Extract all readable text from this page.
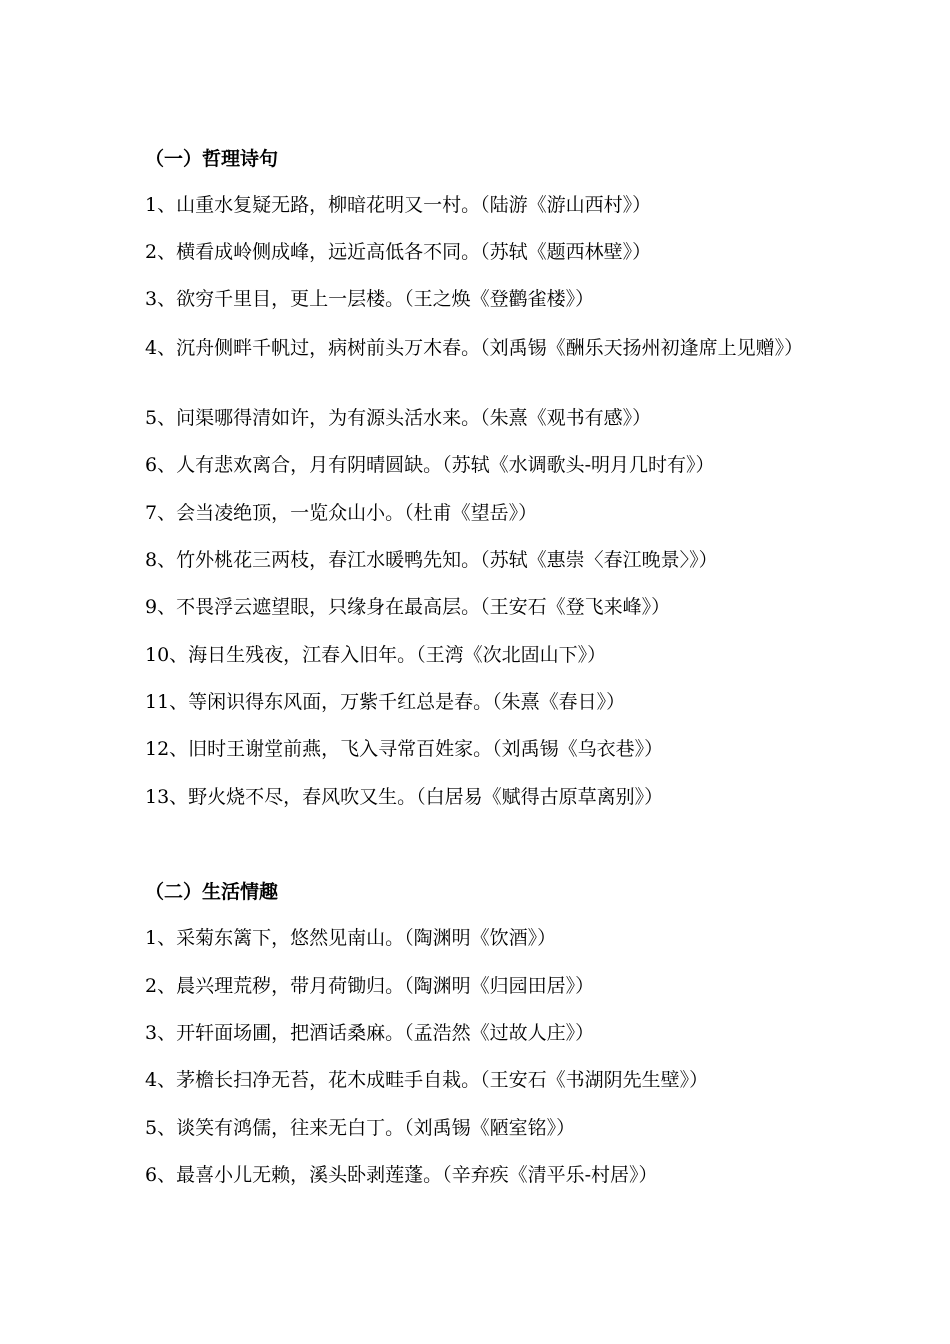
（一）哲理诗句
1、山重水复疑无路，柳暗花明又一村。（陆游《游山西村》）
2、横看成岭侧成峰，远近高低各不同。（苏轼《题西林壁》）
3、欲穷千里目，更上一层楼。（王之焕《登鹳雀楼》）
4、沉舟侧畔千帆过，病树前头万木春。（刘禹锡《酬乐天扬州初逢席上见赠》）
5、问渠哪得清如许，为有源头活水来。（朱熹《观书有感》）
6、人有悲欢离合，月有阴晴圆缺。（苏轼《水调歌头-明月几时有》）
7、会当凌绝顶，一览众山小。（杜甫《望岳》）
8、竹外桃花三两枝，春江水暖鸭先知。（苏轼《惠崇〈春江晚景〉》）
9、不畏浮云遮望眼，只缘身在最高层。（王安石《登飞来峰》）
10、海日生残夜，江春入旧年。（王湾《次北固山下》）
11、等闲识得东风面，万紫千红总是春。（朱熹《春日》）
12、旧时王谢堂前燕，飞入寻常百姓家。（刘禹锡《乌衣巷》）
13、野火烧不尽，春风吹又生。（白居易《赋得古原草离别》）
（二）生活情趣
1、采菊东篱下，悠然见南山。（陶渊明《饮酒》）
2、晨兴理荒秽，带月荷锄归。（陶渊明《归园田居》）
3、开轩面场圃，把酒话桑麻。（孟浩然《过故人庄》）
4、茅檐长扫净无苔，花木成畦手自栽。（王安石《书湖阴先生壁》）
5、谈笑有鸿儒，往来无白丁。（刘禹锡《陋室铭》）
6、最喜小儿无赖，溪头卧剥莲蓬。（辛弃疾《清平乐-村居》）
